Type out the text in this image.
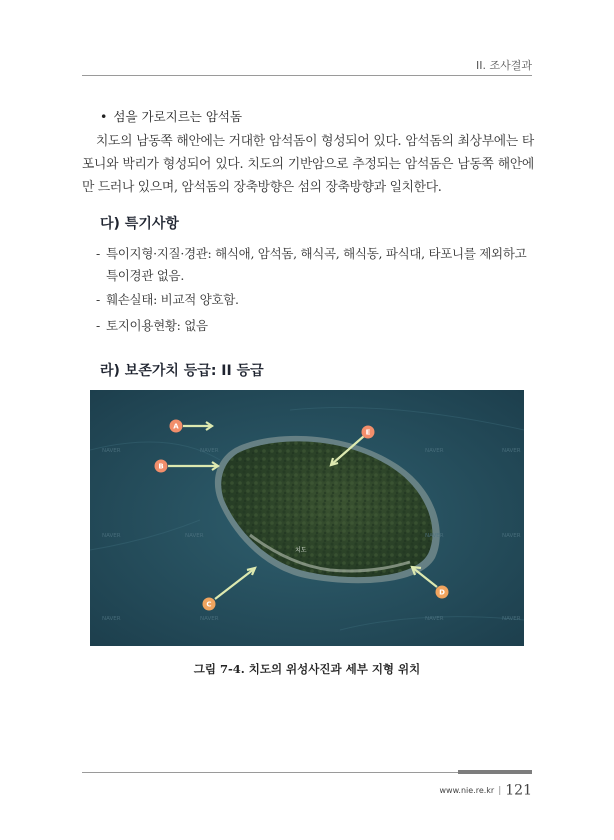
II. 조사결과
• 섬을 가로지르는 암석돔

치도의 남동쪽 해안에는 거대한 암석돔이 형성되어 있다. 암석돔의 최상부에는 타포니와 박리가 형성되어 있다. 치도의 기반암으로 추정되는 암석돔은 남동쪽 해안에만 드러나 있으며, 암석돔의 장축방향은 섬의 장축방향과 일치한다.

다) 특기사항
- 특이지형·지질·경관: 해식애, 암석돔, 해식곡, 해식동, 파식대, 타포니를 제외하고
특이경관 없음.
- 훼손실태: 비교적 양호함.
- 토지이용현황: 없음
라) 보존가치 등급: II 등급
치도
NAVER	NAVER	NAVER	NAVER
NAVER	NAVER	NAVER	NAVER
NAVER	NAVER	NAVER	NAVER
A
B
C
D
E
그림 7-4. 치도의 위성사진과 세부 지형 위치
www.nie.re.kr | 121
